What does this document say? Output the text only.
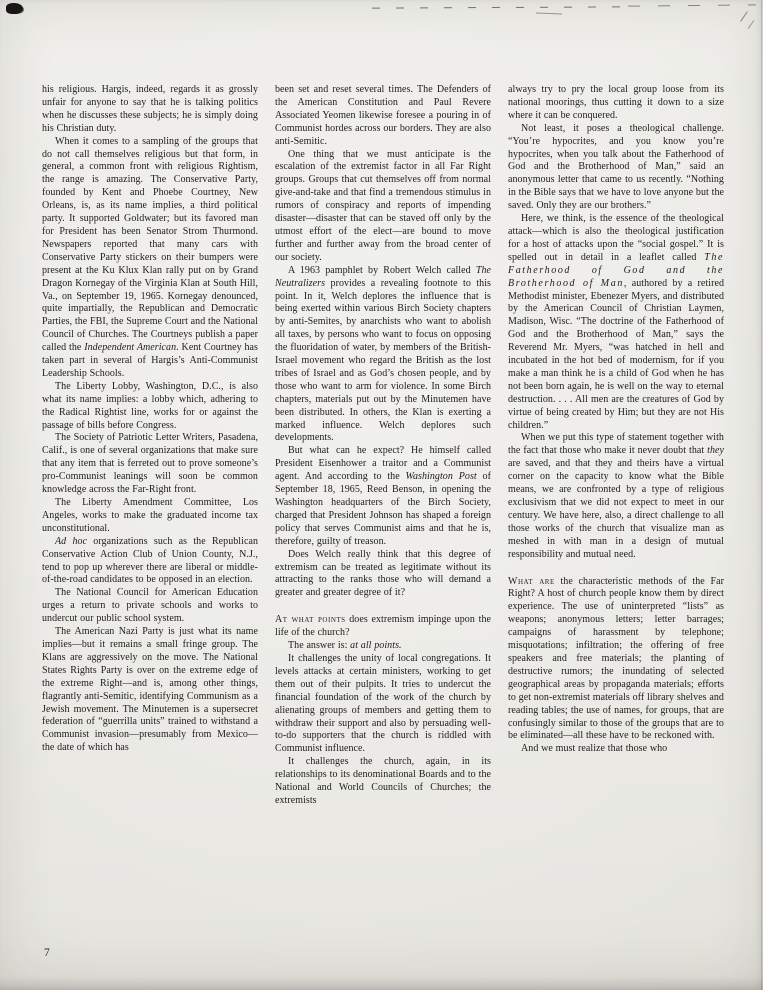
his religious. Hargis, indeed, regards it as grossly unfair for anyone to say that he is talking politics when he discusses these subjects; he is simply doing his Christian duty.

When it comes to a sampling of the groups that do not call themselves religious but that form, in general, a common front with religious Rightism, the range is amazing. The Conservative Party, founded by Kent and Phoebe Courtney, New Orleans, is, as its name implies, a third political party. It supported Goldwater; but its favored man for President has been Senator Strom Thurmond. Newspapers reported that many cars with Conservative Party stickers on their bumpers were present at the Ku Klux Klan rally put on by Grand Dragon Kornegay of the Virginia Klan at South Hill, Va., on September 19, 1965. Kornegay denounced, quite impartially, the Republican and Democratic Parties, the FBI, the Supreme Court and the National Council of Churches. The Courtneys publish a paper called the Independent American. Kent Courtney has taken part in several of Hargis’s Anti-Communist Leadership Schools.

The Liberty Lobby, Washington, D.C., is also what its name implies: a lobby which, adhering to the Radical Rightist line, works for or against the passage of bills before Congress.

The Society of Patriotic Letter Writers, Pasadena, Calif., is one of several organizations that make sure that any item that is ferreted out to prove someone’s pro-Communist leanings will soon be common knowledge across the Far-Right front.

The Liberty Amendment Committee, Los Angeles, works to make the graduated income tax unconstitutional.

Ad hoc organizations such as the Republican Conservative Action Club of Union County, N.J., tend to pop up wherever there are liberal or middle-of-the-road candidates to be opposed in an election.

The National Council for American Education urges a return to private schools and works to undercut our public school system.

The American Nazi Party is just what its name implies—but it remains a small fringe group. The Klans are aggressively on the move. The National States Rights Party is over on the extreme edge of the extreme Right—and is, among other things, flagrantly anti-Semitic, identifying Communism as a Jewish movement. The Minutemen is a supersecret federation of “guerrilla units” trained to withstand a Communist invasion—presumably from Mexico—the date of which has

been set and reset several times. The Defenders of the American Constitution and Paul Revere Associated Yeomen likewise foresee a pouring in of Communist hordes across our borders. They are also anti-Semitic.

One thing that we must anticipate is the escalation of the extremist factor in all Far Right groups. Groups that cut themselves off from normal give-and-take and that find a tremendous stimulus in rumors of conspiracy and reports of impending disaster—disaster that can be staved off only by the utmost effort of the elect—are bound to move further and further away from the broad center of our society.

A 1963 pamphlet by Robert Welch called The Neutralizers provides a revealing footnote to this point. In it, Welch deplores the influence that is being exerted within various Birch Society chapters by anti-Semites, by anarchists who want to abolish all taxes, by persons who want to focus on opposing the fluoridation of water, by members of the British-Israel movement who regard the British as the lost tribes of Israel and as God’s chosen people, and by those who want to arm for violence. In some Birch chapters, materials put out by the Minutemen have been distributed. In others, the Klan is exerting a marked influence. Welch deplores such developments.

But what can he expect? He himself called President Eisenhower a traitor and a Communist agent. And according to the Washington Post of September 18, 1965, Reed Benson, in opening the Washington headquarters of the Birch Society, charged that President Johnson has shaped a foreign policy that serves Communist aims and that he is, therefore, guilty of treason.

Does Welch really think that this degree of extremism can be treated as legitimate without its attracting to the ranks those who will demand a greater and greater degree of it?

At what points does extremism impinge upon the life of the church?

The answer is: at all points.

It challenges the unity of local congregations. It levels attacks at certain ministers, working to get them out of their pulpits. It tries to undercut the financial foundation of the work of the church by alienating groups of members and getting them to withdraw their support and also by persuading well-to-do supporters that the church is riddled with Communist influence.

It challenges the church, again, in its relationships to its denominational Boards and to the National and World Councils of Churches; the extremists

always try to pry the local group loose from its national moorings, thus cutting it down to a size where it can be conquered.

Not least, it poses a theological challenge. “You’re hypocrites, and you know you’re hypocrites, when you talk about the Fatherhood of God and the Brotherhood of Man,” said an anonymous letter that came to us recently. “Nothing in the Bible says that we have to love anyone but the saved. Only they are our brothers.”

Here, we think, is the essence of the theological attack—which is also the theological justification for a host of attacks upon the “social gospel.” It is spelled out in detail in a leaflet called The Fatherhood of God and the Brotherhood of Man, authored by a retired Methodist minister, Ebenezer Myers, and distributed by the American Council of Christian Laymen, Madison, Wisc. “The doctrine of the Fatherhood of God and the Brotherhood of Man,” says the Reverend Mr. Myers, “was hatched in hell and incubated in the hot bed of modernism, for if you make a man think he is a child of God when he has not been born again, he is well on the way to eternal destruction. . . . All men are the creatures of God by virtue of being created by Him; but they are not His children.”

When we put this type of statement together with the fact that those who make it never doubt that they are saved, and that they and theirs have a virtual corner on the capacity to know what the Bible means, we are confronted by a type of religious exclusivism that we did not expect to meet in our century. We have here, also, a direct challenge to all those works of the church that visualize man as meshed in with man in a design of mutual responsibility and mutual need.

What are the characteristic methods of the Far Right? A host of church people know them by direct experience. The use of uninterpreted “lists” as weapons; anonymous letters; letter barrages; campaigns of harassment by telephone; misquotations; infiltration; the offering of free speakers and free materials; the planting of destructive rumors; the inundating of selected geographical areas by propaganda materials; efforts to get non-extremist materials off library shelves and reading tables; the use of names, for groups, that are confusingly similar to those of the groups that are to be eliminated—all these have to be reckoned with.

And we must realize that those who

7
